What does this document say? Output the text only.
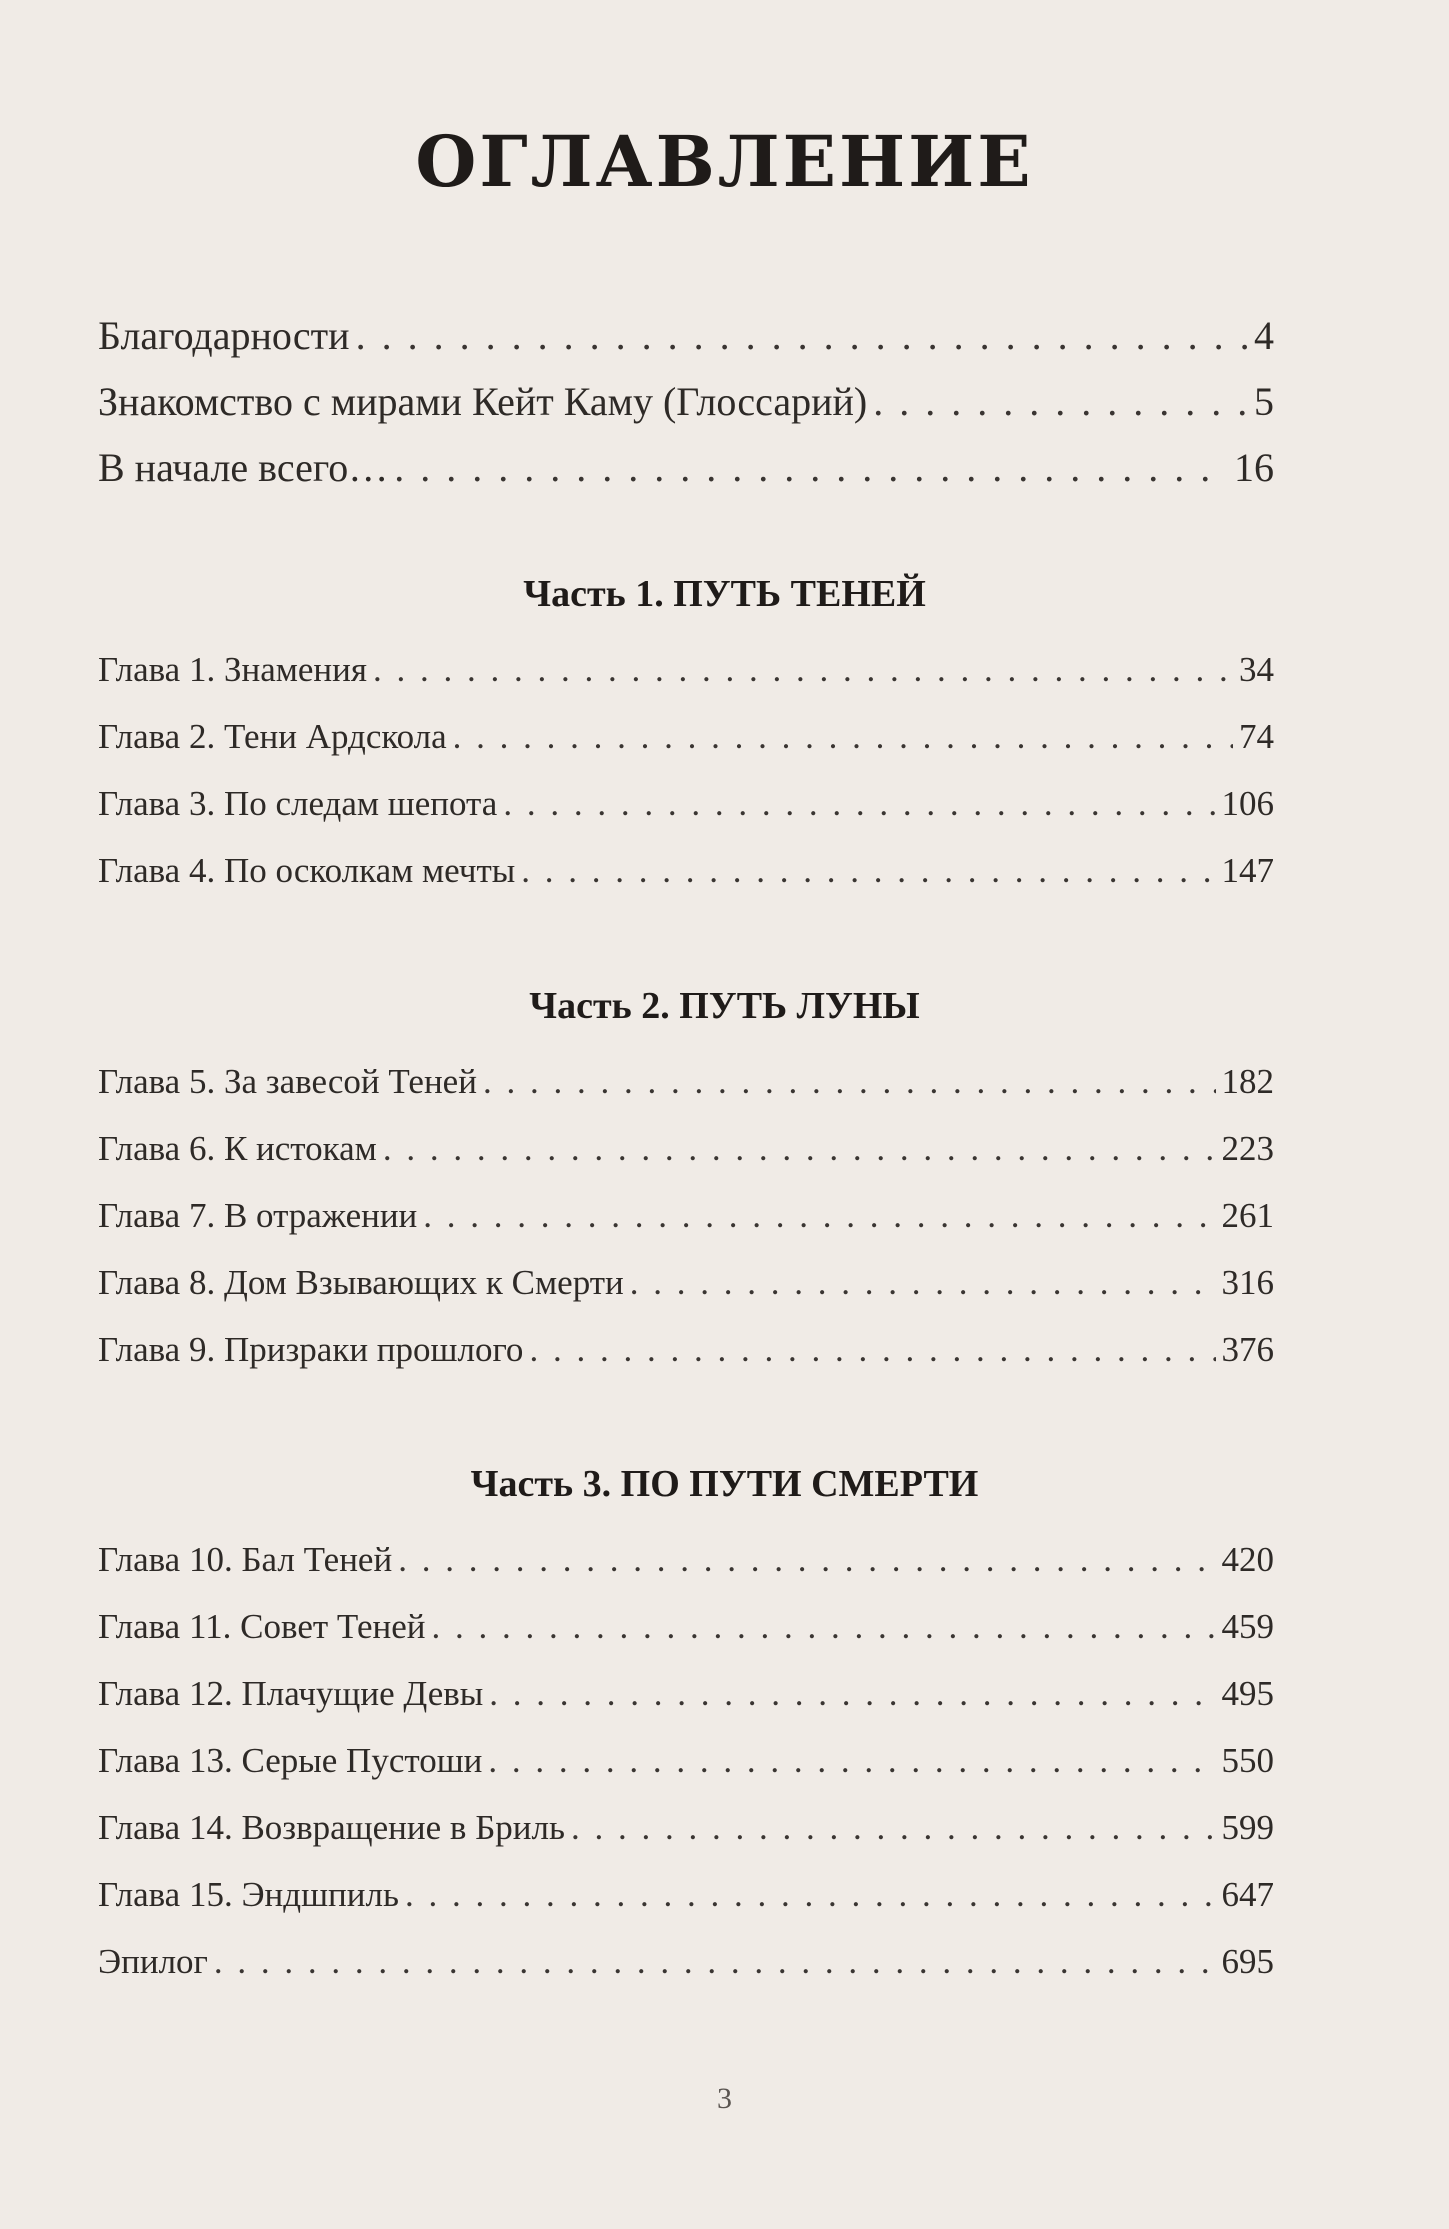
ОГЛАВЛЕНИЕ
Благодарности . . .	4
Знакомство с мирами Кейт Каму (Глоссарий) . . .	5
В начале всего… . . .	16
Часть 1. ПУТЬ ТЕНЕЙ
Глава 1. Знамения . . .	34
Глава 2. Тени Ардскола . . .	74
Глава 3. По следам шепота . . .	106
Глава 4. По осколкам мечты . . .	147
Часть 2. ПУТЬ ЛУНЫ
Глава 5. За завесой Теней . . .	182
Глава 6. К истокам . . .	223
Глава 7. В отражении . . .	261
Глава 8. Дом Взывающих к Смерти . . .	316
Глава 9. Призраки прошлого . . .	376
Часть 3. ПО ПУТИ СМЕРТИ
Глава 10. Бал Теней . . .	420
Глава 11. Совет Теней . . .	459
Глава 12. Плачущие Девы . . .	495
Глава 13. Серые Пустоши . . .	550
Глава 14. Возвращение в Бриль . . .	599
Глава 15. Эндшпиль . . .	647
Эпилог . . .	695
3
